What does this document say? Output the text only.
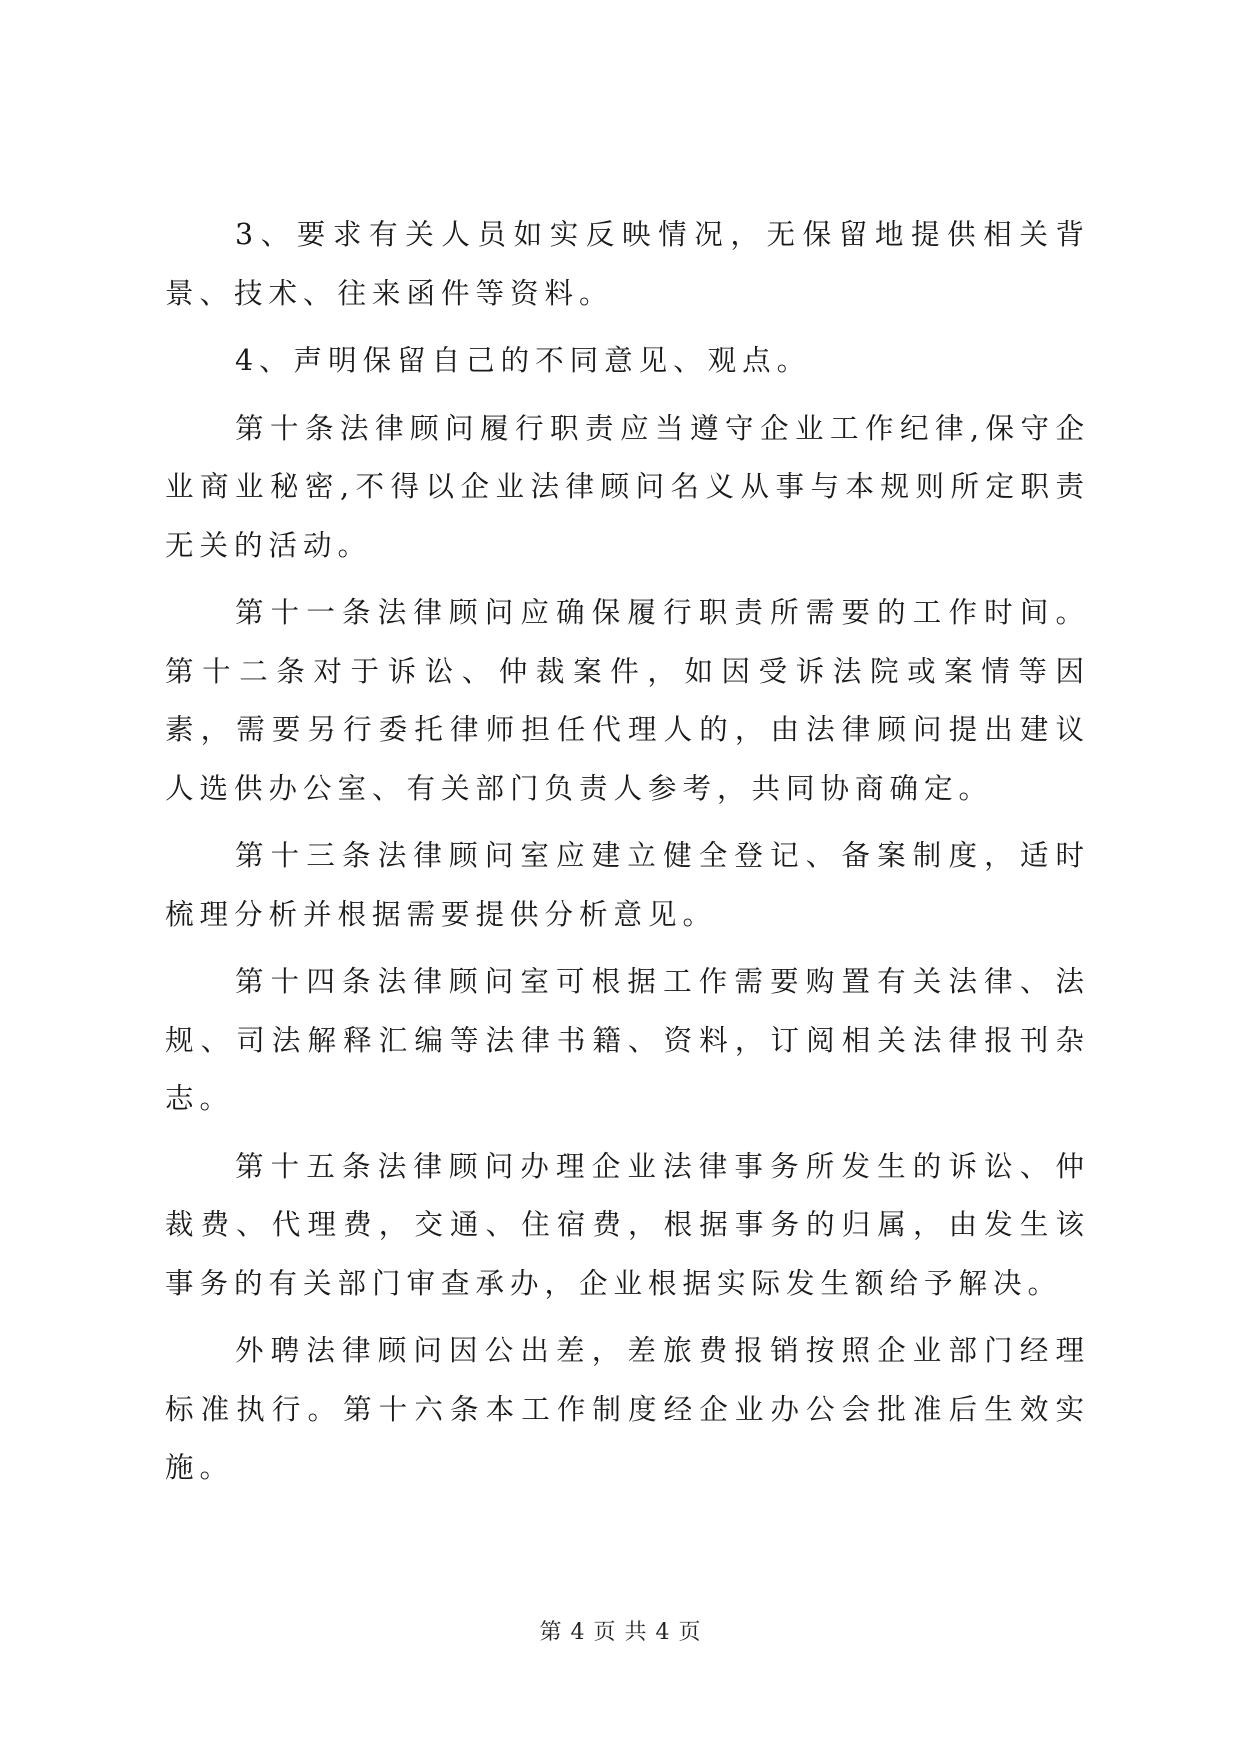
3、要求有关人员如实反映情况，无保留地提供相关背景、技术、往来函件等资料。

4、声明保留自己的不同意见、观点。

第十条法律顾问履行职责应当遵守企业工作纪律,保守企业商业秘密,不得以企业法律顾问名义从事与本规则所定职责无关的活动。

第十一条法律顾问应确保履行职责所需要的工作时间。第十二条对于诉讼、仲裁案件，如因受诉法院或案情等因素，需要另行委托律师担任代理人的，由法律顾问提出建议人选供办公室、有关部门负责人参考，共同协商确定。

第十三条法律顾问室应建立健全登记、备案制度，适时梳理分析并根据需要提供分析意见。

第十四条法律顾问室可根据工作需要购置有关法律、法规、司法解释汇编等法律书籍、资料，订阅相关法律报刊杂志。

第十五条法律顾问办理企业法律事务所发生的诉讼、仲裁费、代理费，交通、住宿费，根据事务的归属，由发生该事务的有关部门审查承办，企业根据实际发生额给予解决。

外聘法律顾问因公出差，差旅费报销按照企业部门经理标准执行。第十六条本工作制度经企业办公会批准后生效实施。

第 4 页 共 4 页
